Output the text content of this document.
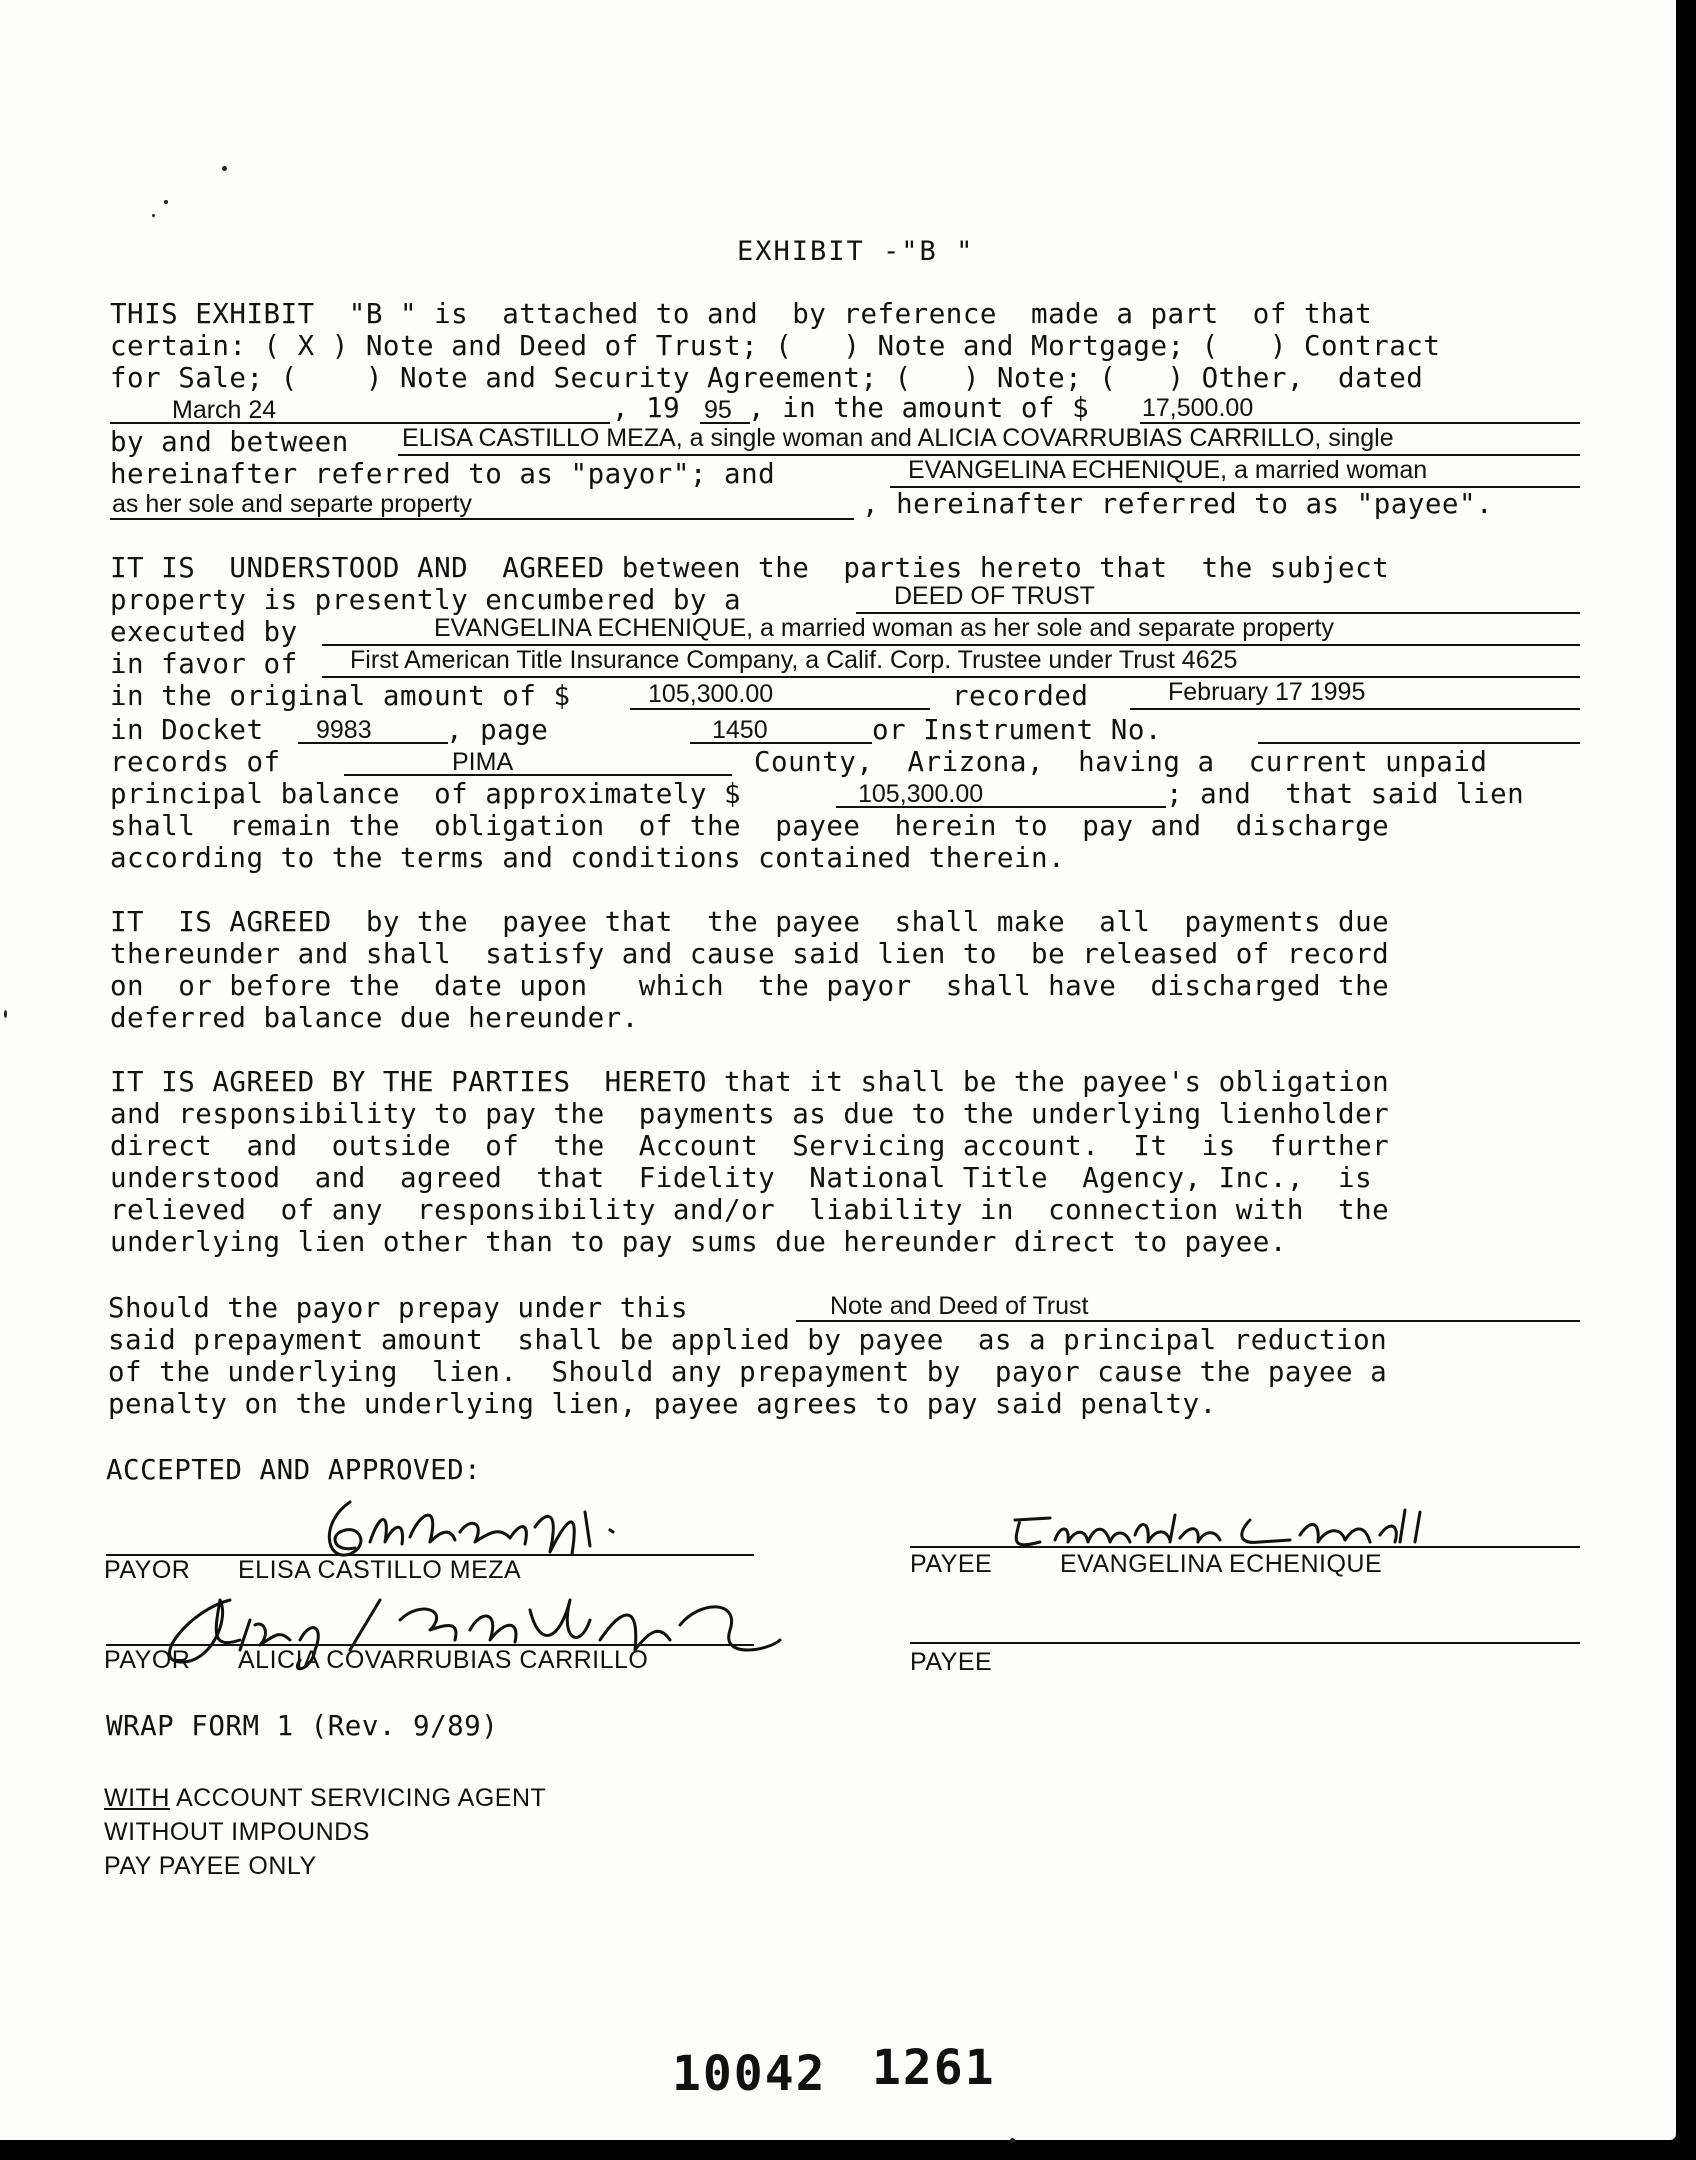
EXHIBIT -"B "
THIS EXHIBIT  "B " is  attached to and  by reference  made a part  of that
certain: ( X ) Note and Deed of Trust; (   ) Note and Mortgage; (   ) Contract
for Sale; (    ) Note and Security Agreement; (   ) Note; (   ) Other,  dated
March 24	, 19 95 , in the amount of $ 17,500.00
by and between ELISA CASTILLO MEZA, a single woman and ALICIA COVARRUBIAS CARRILLO, single
hereinafter referred to as "payor"; and	EVANGELINA ECHENIQUE, a married woman
as her sole and separte property	, hereinafter referred to as "payee".
IT IS  UNDERSTOOD AND  AGREED between the  parties hereto that  the subject
property is presently encumbered by a	DEED OF TRUST
executed by	EVANGELINA ECHENIQUE, a married woman as her sole and separate property
in favor of First American Title Insurance Company, a Calif. Corp. Trustee under Trust 4625
in the original amount of $	105,300.00	recorded	February 17 1995
in Docket 9983	, page	1450	or Instrument No.
records of	PIMA	County,  Arizona,  having a  current unpaid
principal balance  of approximately $	105,300.00	; and  that said lien
shall  remain the  obligation  of the  payee  herein to  pay and  discharge
according to the terms and conditions contained therein.
IT  IS AGREED  by the  payee that  the payee  shall make  all  payments due
thereunder and shall  satisfy and cause said lien to  be released of record
on  or before the  date upon   which  the payor  shall have  discharged the
deferred balance due hereunder.
IT IS AGREED BY THE PARTIES  HERETO that it shall be the payee's obligation
and responsibility to pay the  payments as due to the underlying lienholder
direct  and  outside  of  the  Account  Servicing account.  It  is  further
understood  and  agreed  that  Fidelity  National Title  Agency, Inc.,  is
relieved  of any  responsibility and/or  liability in  connection with  the
underlying lien other than to pay sums due hereunder direct to payee.
Should the payor prepay under this	Note and Deed of Trust
said prepayment amount  shall be applied by payee  as a principal reduction
of the underlying  lien.  Should any prepayment by  payor cause the payee a
penalty on the underlying lien, payee agrees to pay said penalty.
ACCEPTED AND APPROVED:
PAYOR ELISA CASTILLO MEZA
PAYOR ALICIA COVARRUBIAS CARRILLO
PAYEE	EVANGELINA ECHENIQUE
PAYEE
WRAP FORM 1 (Rev. 9/89)
WITH ACCOUNT SERVICING AGENT
WITHOUT IMPOUNDS
PAY PAYEE ONLY
10042 1261
